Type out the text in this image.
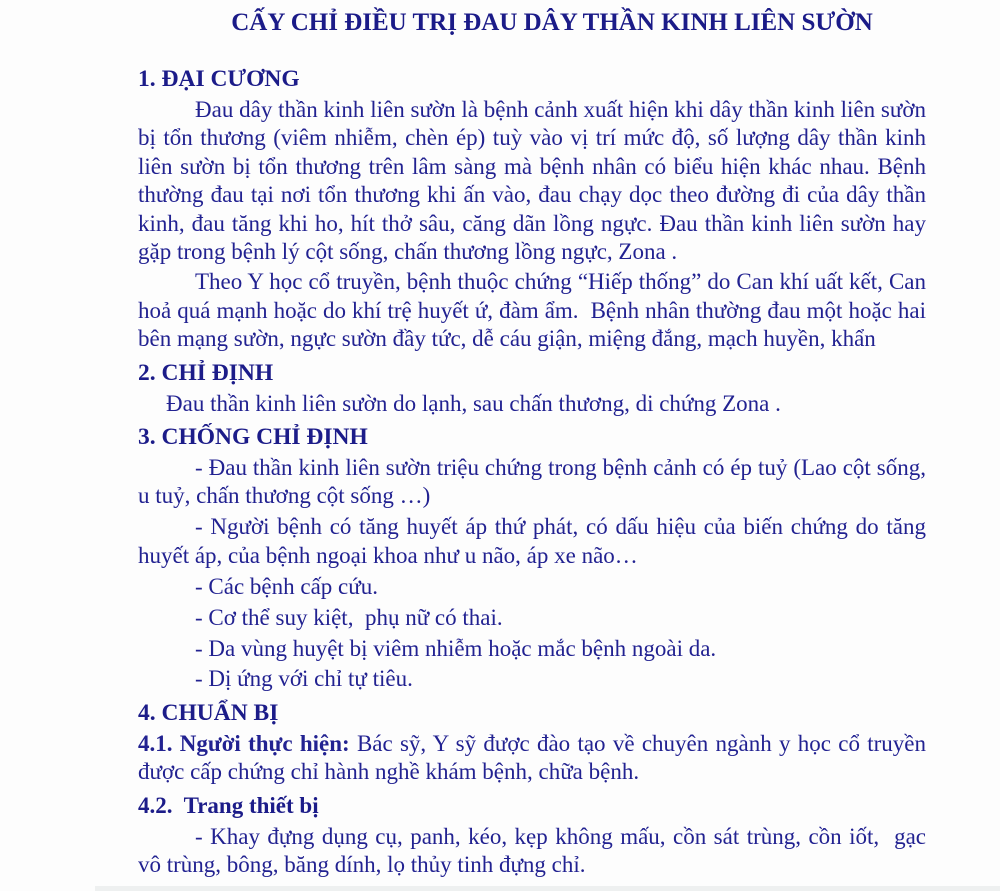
CẤY CHỈ ĐIỀU TRỊ ĐAU DÂY THẦN KINH LIÊN SƯỜN
1. ĐẠI CƯƠNG

Đau dây thần kinh liên sườn là bệnh cảnh xuất hiện khi dây thần kinh liên sườn bị tổn thương (viêm nhiễm, chèn ép) tuỳ vào vị trí mức độ, số lượng dây thần kinh liên sườn bị tổn thương trên lâm sàng mà bệnh nhân có biểu hiện khác nhau. Bệnh thường đau tại nơi tổn thương khi ấn vào, đau chạy dọc theo đường đi của dây thần kinh, đau tăng khi ho, hít thở sâu, căng dãn lồng ngực. Đau thần kinh liên sườn hay gặp trong bệnh lý cột sống, chấn thương lồng ngực, Zona .

Theo Y học cổ truyền, bệnh thuộc chứng “Hiếp thống” do Can khí uất kết, Can hoả quá mạnh hoặc do khí trệ huyết ứ, đàm ẩm.  Bệnh nhân thường đau một hoặc hai bên mạng sườn, ngực sườn đầy tức, dễ cáu giận, miệng đắng, mạch huyền, khẩn

2. CHỈ ĐỊNH

Đau thần kinh liên sườn do lạnh, sau chấn thương, di chứng Zona .

3. CHỐNG CHỈ ĐỊNH

- Đau thần kinh liên sườn triệu chứng trong bệnh cảnh có ép tuỷ (Lao cột sống, u tuỷ, chấn thương cột sống …)

- Người bệnh có tăng huyết áp thứ phát, có dấu hiệu của biến chứng do tăng huyết áp, của bệnh ngoại khoa như u não, áp xe não…

- Các bệnh cấp cứu.

- Cơ thể suy kiệt,  phụ nữ có thai.

- Da vùng huyệt bị viêm nhiễm hoặc mắc bệnh ngoài da.

- Dị ứng với chỉ tự tiêu.

4. CHUẨN BỊ

4.1. Người thực hiện: Bác sỹ, Y sỹ được đào tạo về chuyên ngành y học cổ truyền được cấp chứng chỉ hành nghề khám bệnh, chữa bệnh.

4.2.  Trang thiết bị

- Khay đựng dụng cụ, panh, kéo, kẹp không mấu, cồn sát trùng, cồn iốt,  gạc vô trùng, bông, băng dính, lọ thủy tinh đựng chỉ.
